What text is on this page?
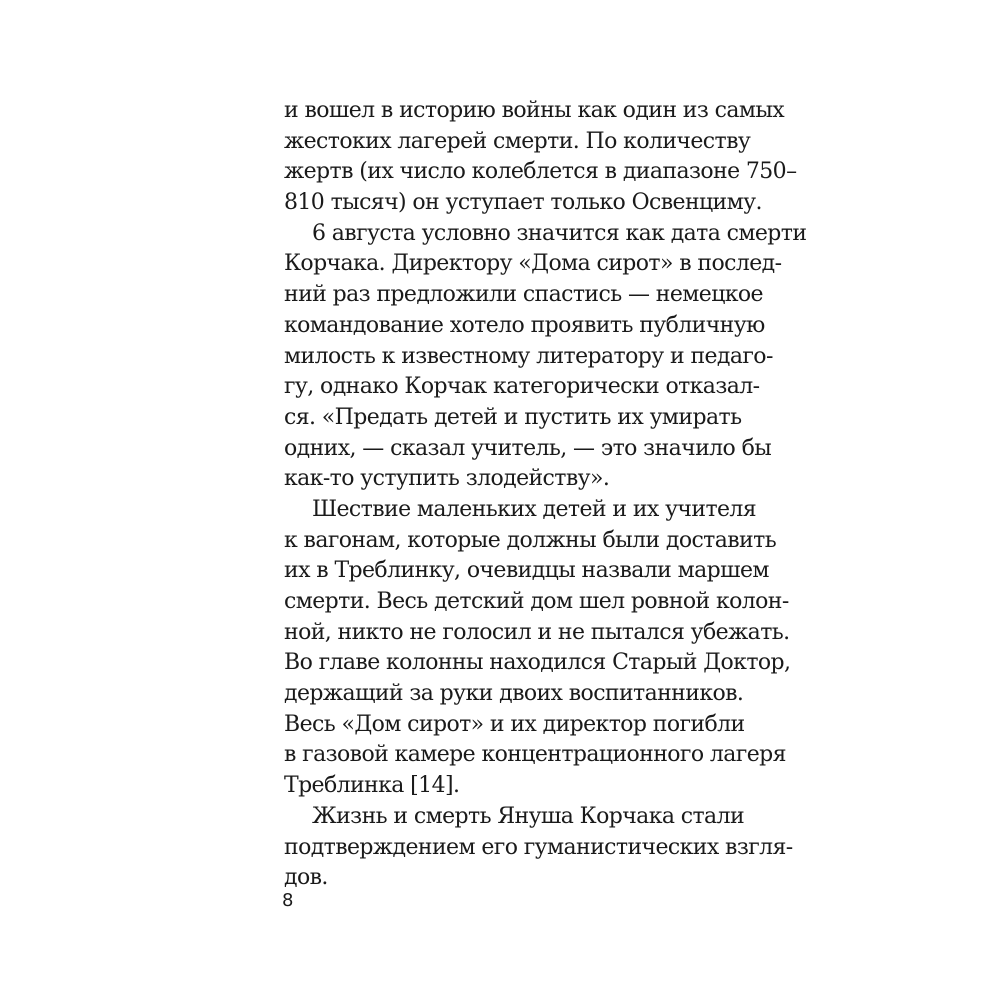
и вошел в историю войны как один из самых
жестоких лагерей смерти. По количеству
жертв (их число колеблется в диапазоне 750–
810 тысяч) он уступает только Освенциму.
6 августа условно значится как дата смерти
Корчака. Директору «Дома сирот» в послед-
ний раз предложили спастись — немецкое
командование хотело проявить публичную
милость к известному литератору и педаго-
гу, однако Корчак категорически отказал-
ся. «Предать детей и пустить их умирать
одних, — сказал учитель, — это значило бы
как-то уступить злодейству».
Шествие маленьких детей и их учителя
к вагонам, которые должны были доставить
их в Треблинку, очевидцы назвали маршем
смерти. Весь детский дом шел ровной колон-
ной, никто не голосил и не пытался убежать.
Во главе колонны находился Старый Доктор,
держащий за руки двоих воспитанников.
Весь «Дом сирот» и их директор погибли
в газовой камере концентрационного лагеря
Треблинка [14].
Жизнь и смерть Януша Корчака стали
подтверждением его гуманистических взгля-
дов.
8
